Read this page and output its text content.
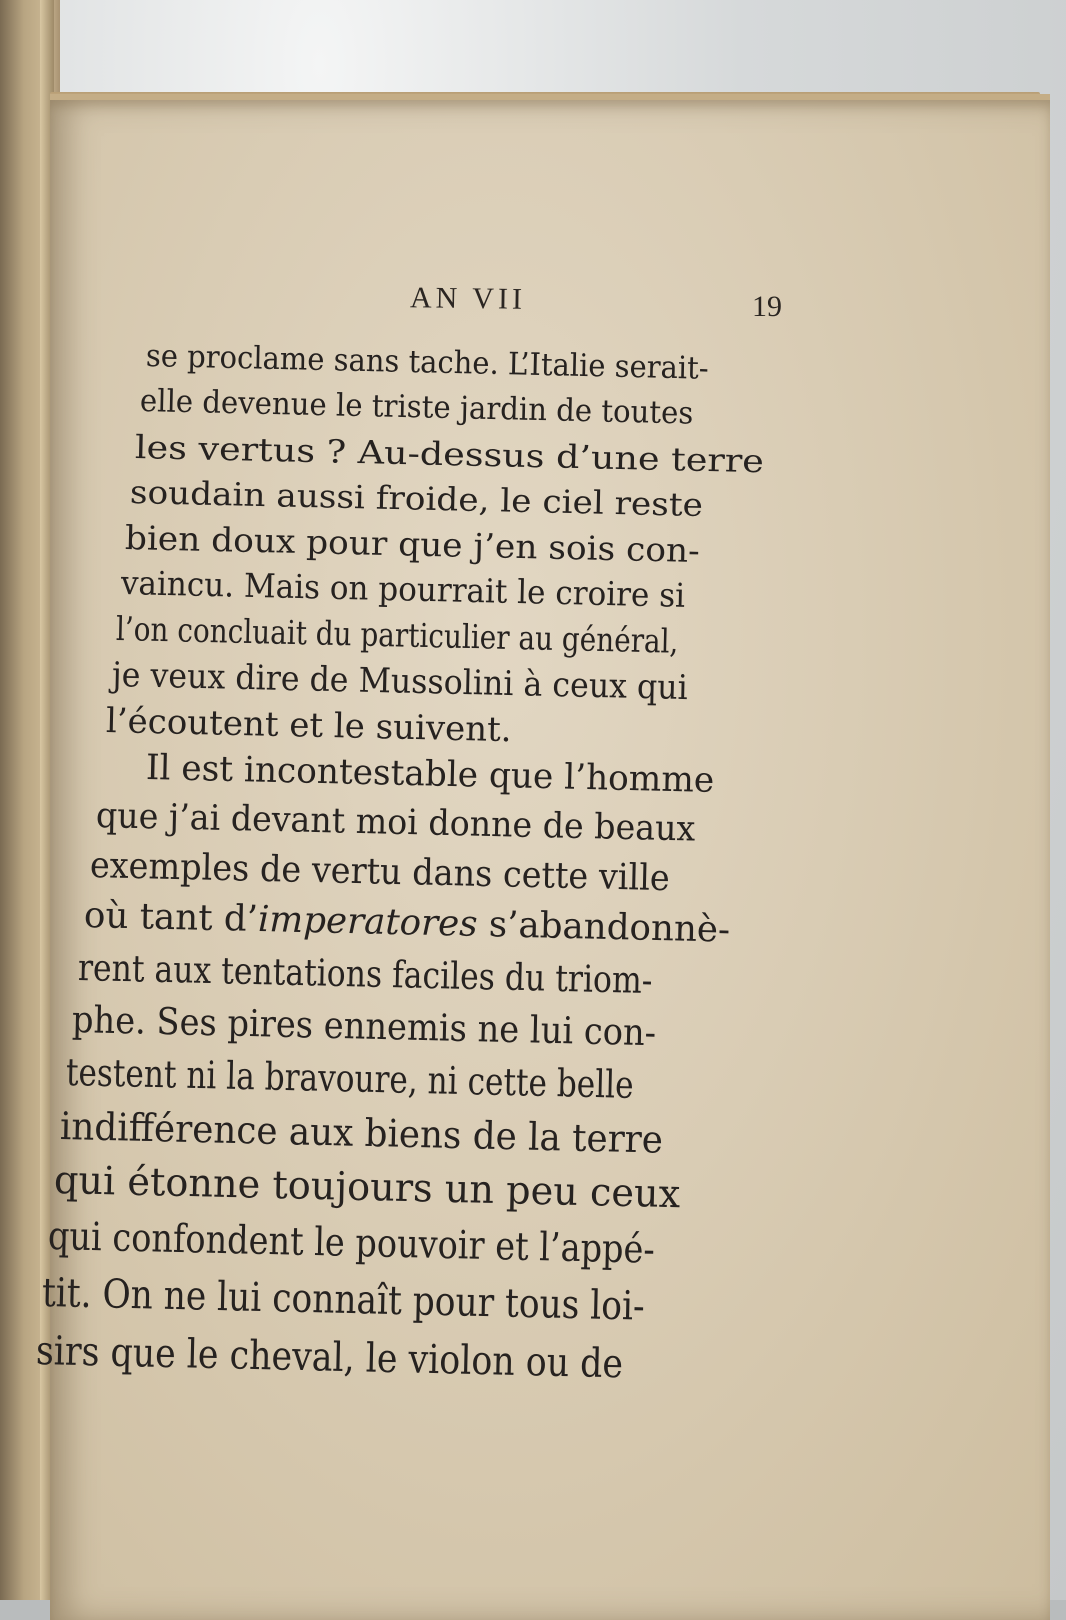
AN VII	19
se proclame sans tache. L’Italie serait-
elle devenue le triste jardin de toutes
les vertus ? Au-dessus d’une terre
soudain aussi froide, le ciel reste
bien doux pour que j’en sois con-
vaincu. Mais on pourrait le croire si
l’on concluait du particulier au général,
je veux dire de Mussolini à ceux qui
l’écoutent et le suivent.
Il est incontestable que l’homme
que j’ai devant moi donne de beaux
exemples de vertu dans cette ville
où tant d’imperatores s’abandonnè-
rent aux tentations faciles du triom-
phe. Ses pires ennemis ne lui con-
testent ni la bravoure, ni cette belle
indifférence aux biens de la terre
qui étonne toujours un peu ceux
qui confondent le pouvoir et l’appé-
tit. On ne lui connaît pour tous loi-
sirs que le cheval, le violon ou de
